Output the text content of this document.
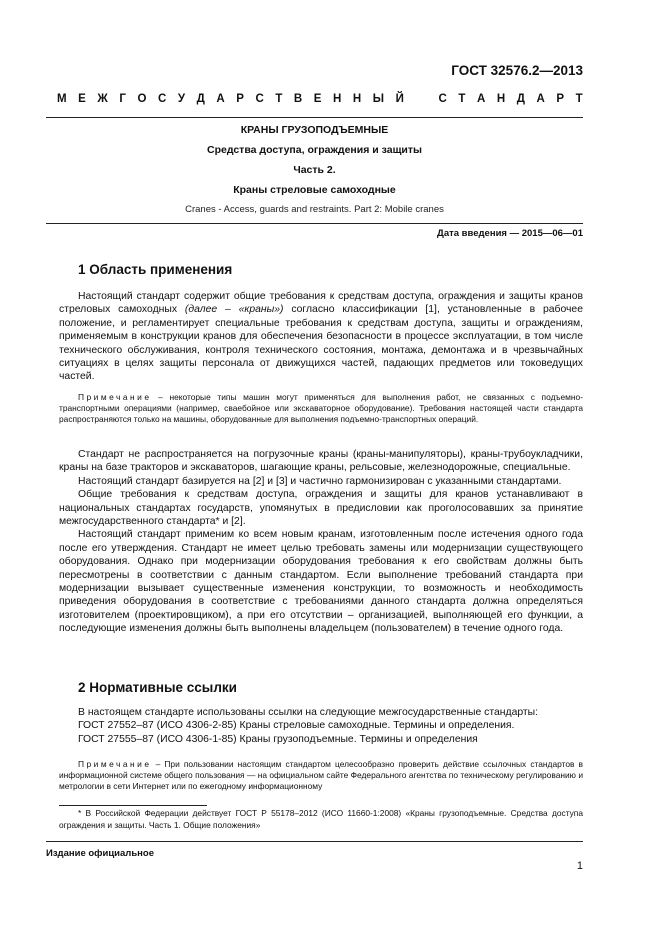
ГОСТ 32576.2—2013
М Е Ж Г О С У Д А Р С Т В Е Н Н Ы Й	С Т А Н Д А Р Т
КРАНЫ ГРУЗОПОДЪЕМНЫЕ
Средства доступа, ограждения и защиты
Часть 2.
Краны стреловые самоходные
Cranes - Access, guards and restraints. Part 2: Mobile cranes
Дата введения — 2015—06—01
1 Область применения

Настоящий стандарт содержит общие требования к средствам доступа, ограждения и защиты кранов стреловых самоходных (далее – «краны») согласно классификации [1], установленные в рабочее положение, и регламентирует специальные требования к средствам доступа, защиты и ограждениям, применяемым в конструкции кранов для обеспечения безопасности в процессе эксплуатации, в том числе технического обслуживания, контроля технического состояния, монтажа, демонтажа и в чрезвычайных ситуациях в целях защиты персонала от движущихся частей, падающих предметов или токоведущих частей.

Примечание – некоторые типы машин могут применяться для выполнения работ, не связанных с подъемно-транспортными операциями (например, сваебойное или экскаваторное оборудование). Требования настоящей части стандарта распространяются только на машины, оборудованные для выполнения подъемно-транспортных операций.

Стандарт не распространяется на погрузочные краны (краны-манипуляторы), краны-трубоукладчики, краны на базе тракторов и экскаваторов, шагающие краны, рельсовые, железнодорожные, специальные.

Настоящий стандарт базируется на [2] и [3] и частично гармонизирован с указанными стандартами.

Общие требования к средствам доступа, ограждения и защиты для кранов устанавливают в национальных стандартах государств, упомянутых в предисловии как проголосовавших за принятие межгосударственного стандарта* и [2].

Настоящий стандарт применим ко всем новым кранам, изготовленным после истечения одного года после его утверждения. Стандарт не имеет целью требовать замены или модернизации существующего оборудования. Однако при модернизации оборудования требования к его свойствам должны быть пересмотрены в соответствии с данным стандартом. Если выполнение требований стандарта при модернизации вызывает существенные изменения конструкции, то возможность и необходимость приведения оборудования в соответствие с требованиями данного стандарта должна определяться изготовителем (проектировщиком), а при его отсутствии – организацией, выполняющей его функции, а последующие изменения должны быть выполнены владельцем (пользователем) в течение одного года.

2 Нормативные ссылки

В настоящем стандарте использованы ссылки на следующие межгосударственные стандарты:

ГОСТ 27552–87 (ИСО 4306-2-85) Краны стреловые самоходные. Термины и определения.

ГОСТ 27555–87 (ИСО 4306-1-85) Краны грузоподъемные. Термины и определения

Примечание – При пользовании настоящим стандартом целесообразно проверить действие ссылочных стандартов в информационной системе общего пользования — на официальном сайте Федерального агентства по техническому регулированию и метрологии в сети Интернет или по ежегодному информационному

* В Российской Федерации действует ГОСТ Р 55178–2012 (ИСО 11660-1:2008) «Краны грузоподъемные. Средства доступа ограждения и защиты. Часть 1. Общие положения»

Издание официальное
1
